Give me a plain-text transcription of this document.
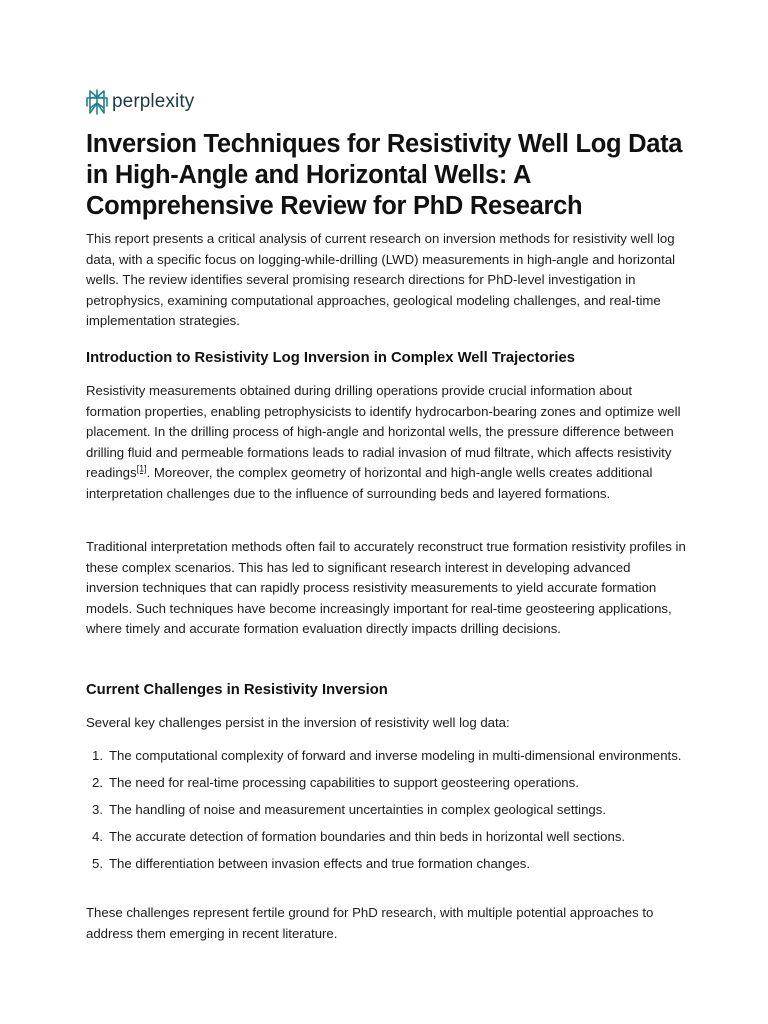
perplexity
Inversion Techniques for Resistivity Well Log Data in High-Angle and Horizontal Wells: A Comprehensive Review for PhD Research

This report presents a critical analysis of current research on inversion methods for resistivity well log data, with a specific focus on logging-while-drilling (LWD) measurements in high-angle and horizontal wells. The review identifies several promising research directions for PhD-level investigation in petrophysics, examining computational approaches, geological modeling challenges, and real-time implementation strategies.

Introduction to Resistivity Log Inversion in Complex Well Trajectories

Resistivity measurements obtained during drilling operations provide crucial information about formation properties, enabling petrophysicists to identify hydrocarbon-bearing zones and optimize well placement. In the drilling process of high-angle and horizontal wells, the pressure difference between drilling fluid and permeable formations leads to radial invasion of mud filtrate, which affects resistivity readings[1]. Moreover, the complex geometry of horizontal and high-angle wells creates additional interpretation challenges due to the influence of surrounding beds and layered formations.

Traditional interpretation methods often fail to accurately reconstruct true formation resistivity profiles in these complex scenarios. This has led to significant research interest in developing advanced inversion techniques that can rapidly process resistivity measurements to yield accurate formation models. Such techniques have become increasingly important for real-time geosteering applications, where timely and accurate formation evaluation directly impacts drilling decisions.

Current Challenges in Resistivity Inversion

Several key challenges persist in the inversion of resistivity well log data:

1. The computational complexity of forward and inverse modeling in multi-dimensional environments.
2. The need for real-time processing capabilities to support geosteering operations.
3. The handling of noise and measurement uncertainties in complex geological settings.
4. The accurate detection of formation boundaries and thin beds in horizontal well sections.
5. The differentiation between invasion effects and true formation changes.

These challenges represent fertile ground for PhD research, with multiple potential approaches to address them emerging in recent literature.
